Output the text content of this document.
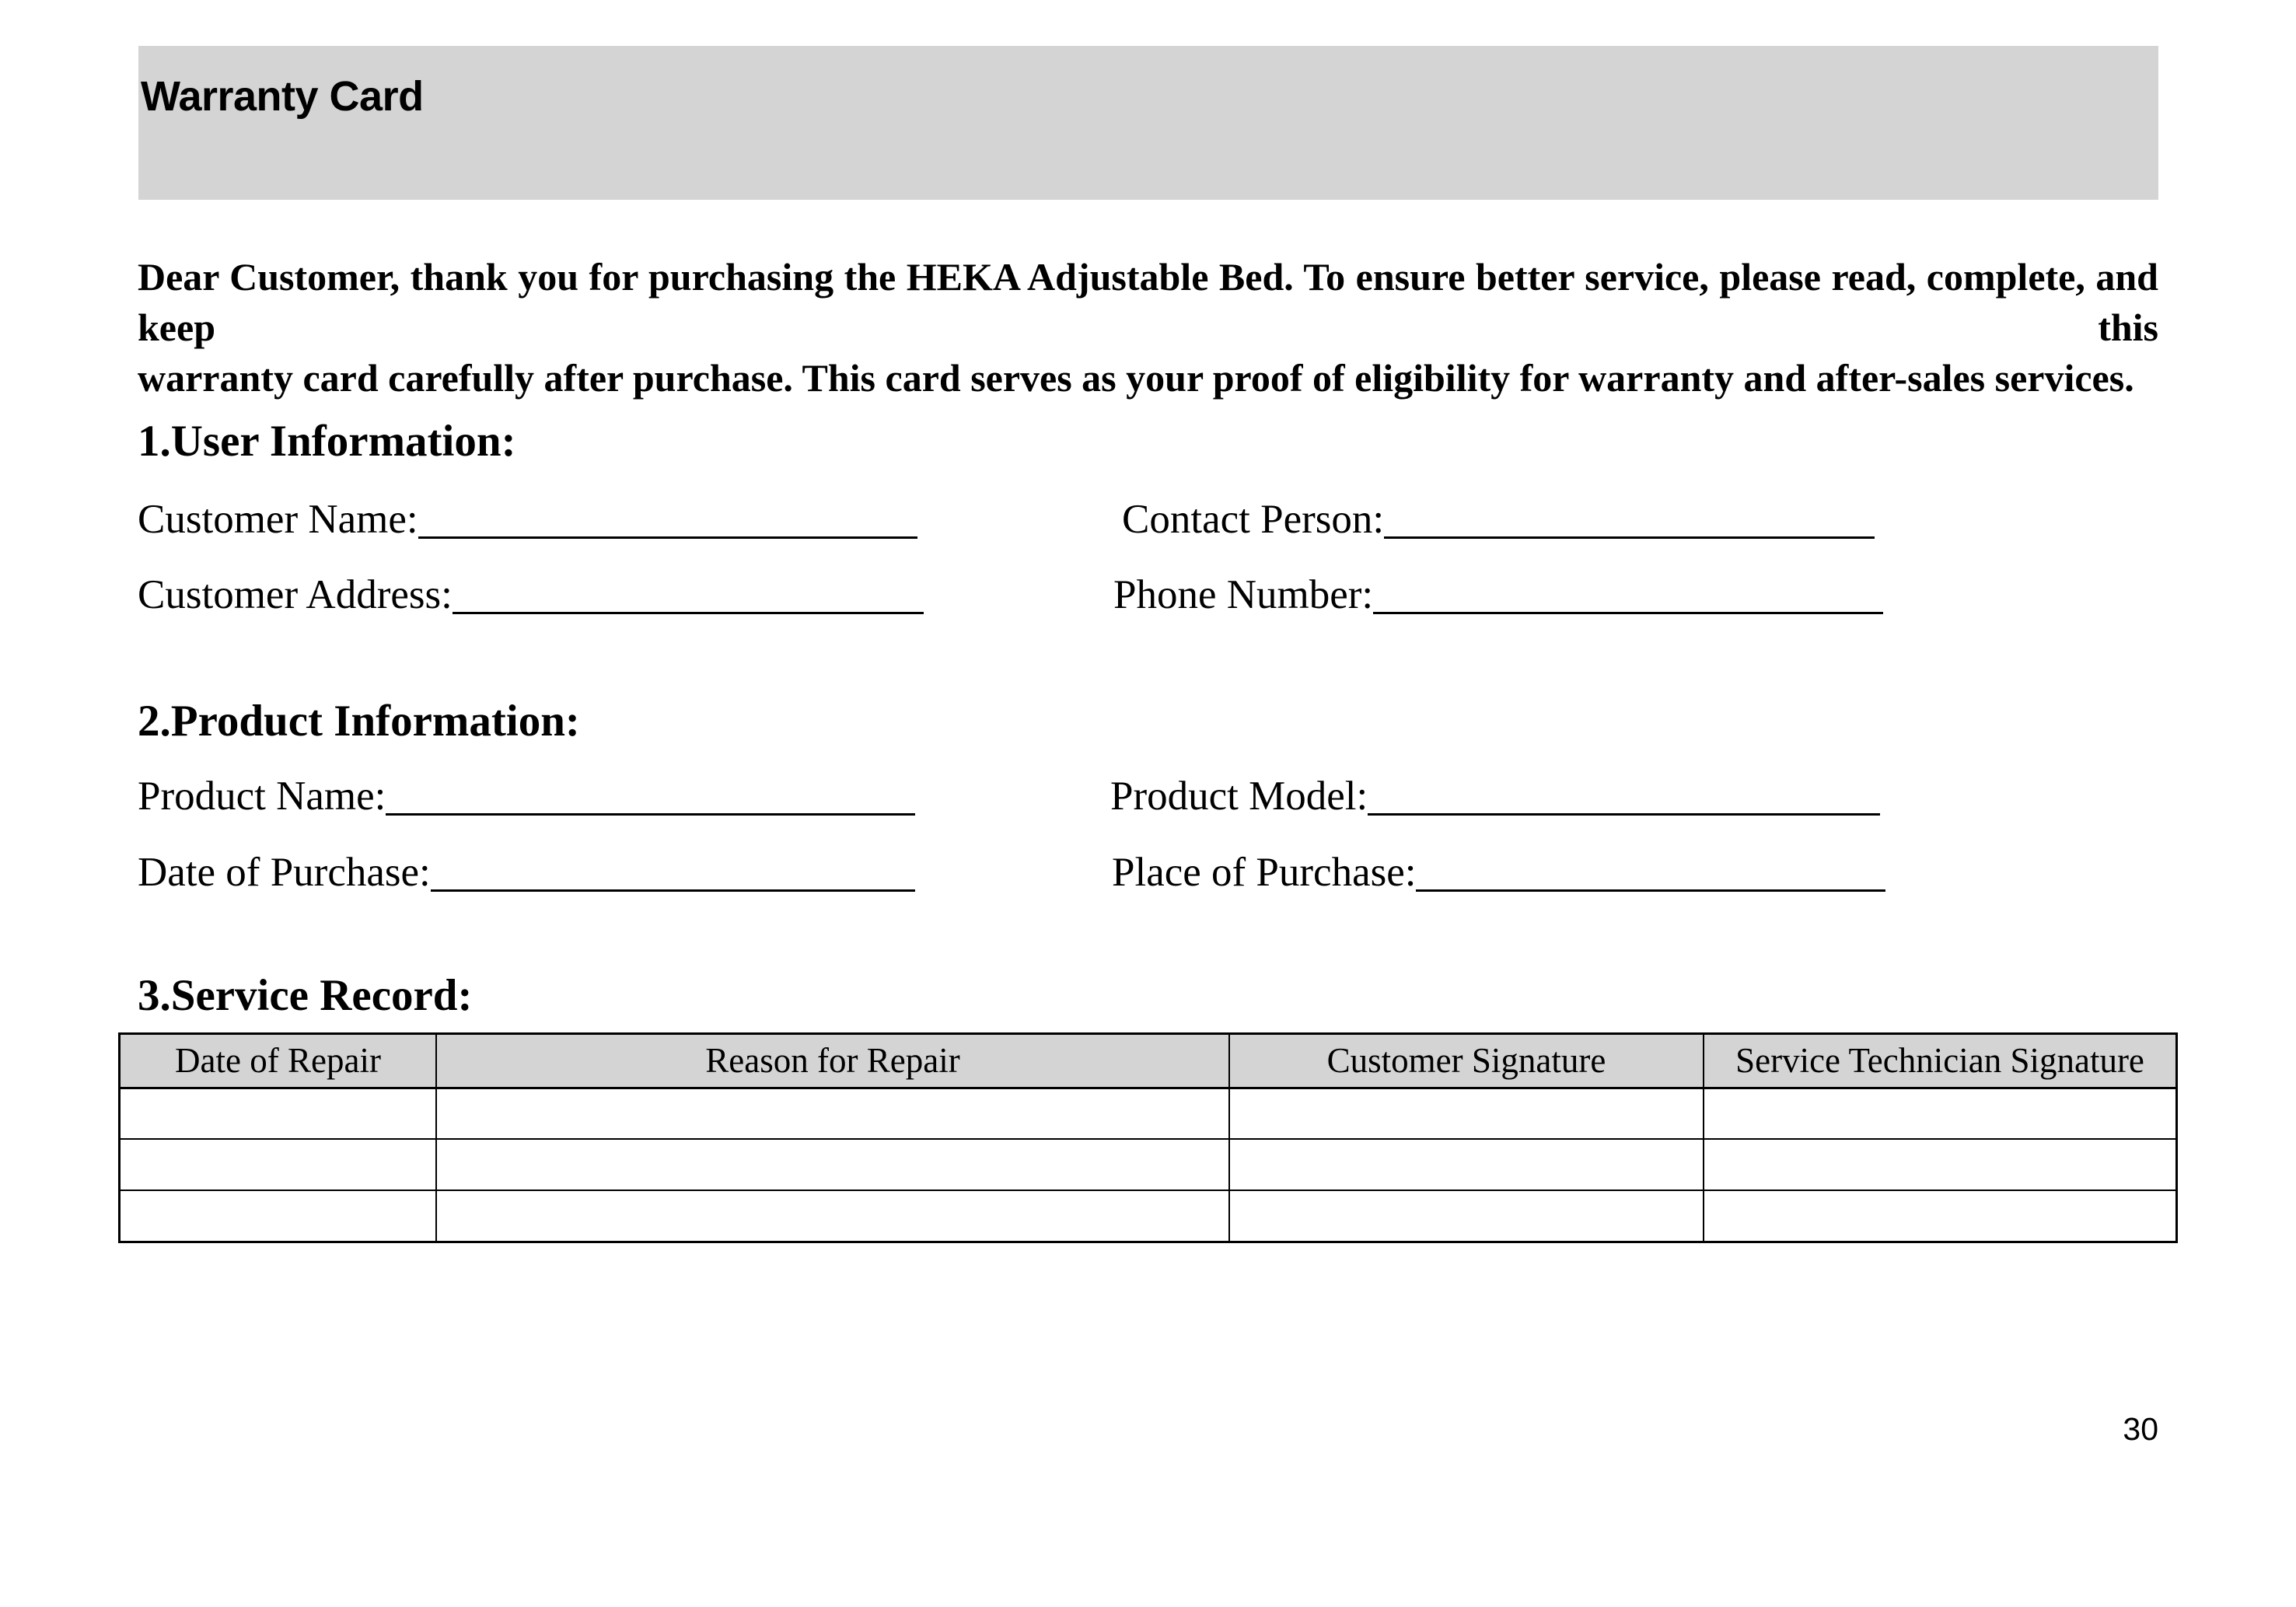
Warranty Card
Dear Customer, thank you for purchasing the HEKA Adjustable Bed. To ensure better service, please read, complete, and keep this
warranty card carefully after purchase. This card serves as your proof of eligibility for warranty and after-sales services.
1.User Information:
Customer Name:	Contact Person:
Customer Address:	Phone Number:
2.Product Information:
Product Name:	Product Model:
Date of Purchase:	Place of Purchase:
3.Service Record:
Date of Repair	Reason for Repair	Customer Signature	Service Technician Signature

30
